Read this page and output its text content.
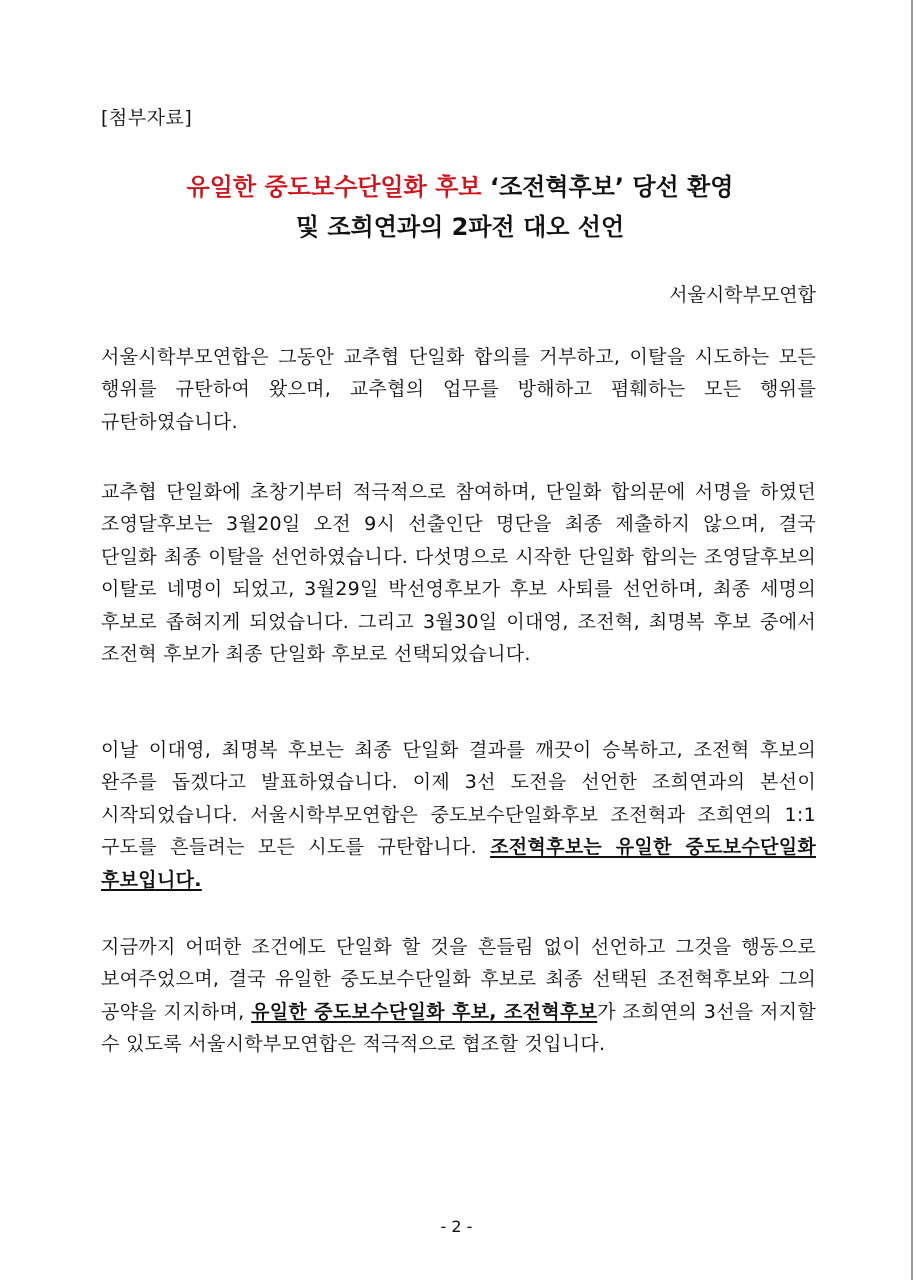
[첨부자료]
유일한 중도보수단일화 후보 ‘조전혁후보’ 당선 환영
및 조희연과의 2파전 대오 선언
서울시학부모연합
서울시학부모연합은 그동안 교추협 단일화 합의를 거부하고, 이탈을 시도하는 모든 행위를 규탄하여 왔으며, 교추협의 업무를 방해하고 폄훼하는 모든 행위를 규탄하였습니다.
교추협 단일화에 초창기부터 적극적으로 참여하며, 단일화 합의문에 서명을 하였던 조영달후보는 3월20일 오전 9시 선출인단 명단을 최종 제출하지 않으며, 결국 단일화 최종 이탈을 선언하였습니다. 다섯명으로 시작한 단일화 합의는 조영달후보의 이탈로 네명이 되었고, 3월29일 박선영후보가 후보 사퇴를 선언하며, 최종 세명의 후보로 좁혀지게 되었습니다. 그리고 3월30일 이대영, 조전혁, 최명복 후보 중에서 조전혁 후보가 최종 단일화 후보로 선택되었습니다.
이날 이대영, 최명복 후보는 최종 단일화 결과를 깨끗이 승복하고, 조전혁 후보의 완주를 돕겠다고 발표하였습니다. 이제 3선 도전을 선언한 조희연과의 본선이 시작되었습니다. 서울시학부모연합은 중도보수단일화후보 조전혁과 조희연의 1:1 구도를 흔들려는 모든 시도를 규탄합니다. 조전혁후보는 유일한 중도보수단일화 후보입니다.
지금까지 어떠한 조건에도 단일화 할 것을 흔들림 없이 선언하고 그것을 행동으로 보여주었으며, 결국 유일한 중도보수단일화 후보로 최종 선택된 조전혁후보와 그의 공약을 지지하며, 유일한 중도보수단일화 후보, 조전혁후보가 조희연의 3선을 저지할 수 있도록 서울시학부모연합은 적극적으로 협조할 것입니다.
- 2 -
